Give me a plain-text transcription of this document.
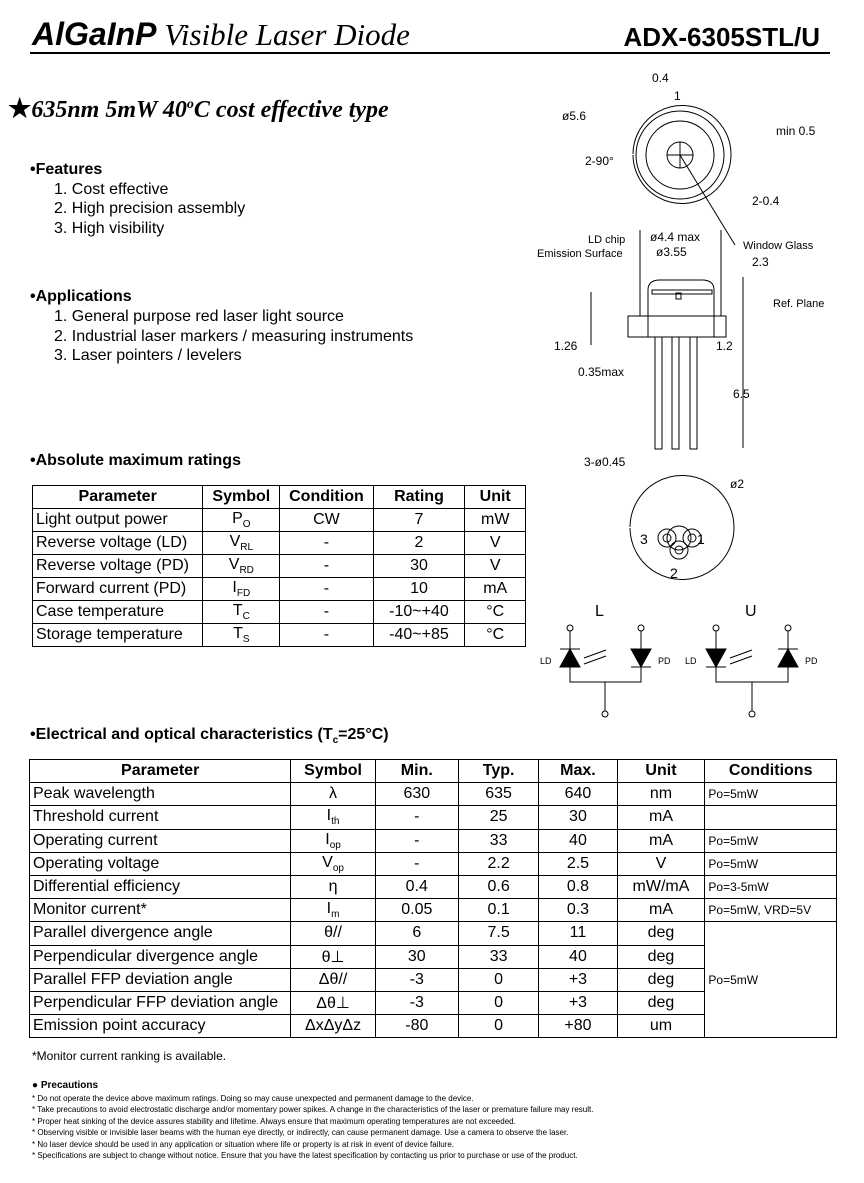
AlGaInP Visible Laser Diode	ADX-6305STL/U
★635nm 5mW 40$^o$C cost effective type
•Features
1. Cost effective
2. High precision assembly
3. High visibility
•Applications
1. General purpose red laser light source
2. Industrial laser markers / measuring instruments
3. Laser pointers / levelers
•Absolute maximum ratings
Parameter	Symbol	Condition	Rating	Unit
Light output power	$P_O$	CW	7	mW
Reverse voltage (LD)	$V_{RL}$	-	2	V
Reverse voltage (PD)	$V_{RD}$	-	30	V
Forward current (PD)	$I_{FD}$	-	10	mA
Case temperature	$T_C$	-	-10~+40	°C
Storage temperature	$T_S$	-	-40~+85	°C
•Electrical and optical characteristics $(T_c=25^\circ C)$
Parameter	Symbol	Min.	Typ.	Max.	Unit	Conditions
Peak wavelength	λ	630	635	640	nm	Po=5mW
Threshold current	$I_{th}$	-	25	30	mA	
Operating current	$I_{op}$	-	33	40	mA	Po=5mW
Operating voltage	$V_{op}$	-	2.2	2.5	V	Po=5mW
Differential efficiency	η	0.4	0.6	0.8	mW/mA	Po=3-5mW
Monitor current*	$I_m$	0.05	0.1	0.3	mA	Po=5mW, VRD=5V
Parallel divergence angle	θ//	6	7.5	11	deg	Po=5mW
Perpendicular divergence angle	θ⊥	30	33	40	deg	
Parallel FFP deviation angle	Δθ//	-3	0	+3	deg	
Perpendicular FFP deviation angle	Δθ⊥	-3	0	+3	deg	
Emission point accuracy	ΔxΔyΔz	-80	0	+80	um	
*Monitor current ranking is available.
● Precautions
* Do not operate the device above maximum ratings. Doing so may cause unexpected and permanent damage to the device.
* Take precautions to avoid electrostatic discharge and/or momentary power spikes. A change in the characteristics of the laser or premature failure may result.
* Proper heat sinking of the device assures stability and lifetime. Always ensure that maximum operating temperatures are not exceeded.
* Observing visible or invisible laser beams with the human eye directly, or indirectly, can cause permanent damage. Use a camera to observe the laser.
* No laser device should be used in any application or situation where life or property is at risk in event of device failure.
* Specifications are subject to change without notice. Ensure that you have the latest specification by contacting us prior to purchase or use of the product.
0.4
1
ø5.6
min 0.5
2-90°
2-0.4
ø4.4 max
ø3.55
LD chip
Emission Surface
Window Glass
2.3
Ref. Plane
1.26	1.2
0.35max
6.5
3-ø0.45
ø2
3	1
2
L	U
LD	PD LD	PD
